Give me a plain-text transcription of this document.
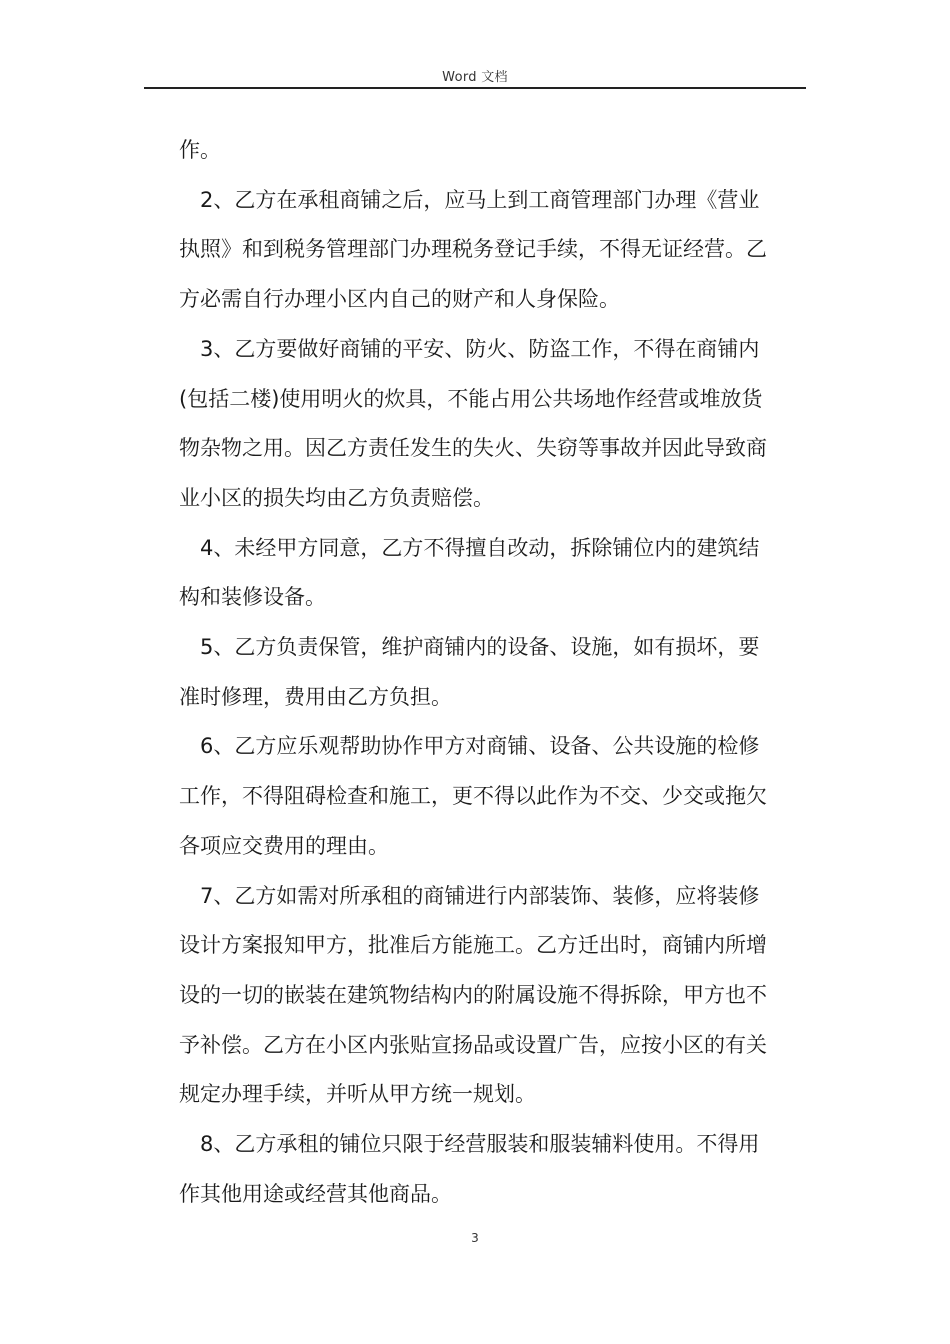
Word 文档
作。
　2、乙方在承租商铺之后，应马上到工商管理部门办理《营业
执照》和到税务管理部门办理税务登记手续，不得无证经营。乙
方必需自行办理小区内自己的财产和人身保险。
　3、乙方要做好商铺的平安、防火、防盗工作，不得在商铺内
(包括二楼)使用明火的炊具，不能占用公共场地作经营或堆放货
物杂物之用。因乙方责任发生的失火、失窃等事故并因此导致商
业小区的损失均由乙方负责赔偿。
　4、未经甲方同意，乙方不得擅自改动，拆除铺位内的建筑结
构和装修设备。
　5、乙方负责保管，维护商铺内的设备、设施，如有损坏，要
准时修理，费用由乙方负担。
　6、乙方应乐观帮助协作甲方对商铺、设备、公共设施的检修
工作，不得阻碍检查和施工，更不得以此作为不交、少交或拖欠
各项应交费用的理由。
　7、乙方如需对所承租的商铺进行内部装饰、装修，应将装修
设计方案报知甲方，批准后方能施工。乙方迁出时，商铺内所增
设的一切的嵌装在建筑物结构内的附属设施不得拆除，甲方也不
予补偿。乙方在小区内张贴宣扬品或设置广告，应按小区的有关
规定办理手续，并听从甲方统一规划。
　8、乙方承租的铺位只限于经营服装和服装辅料使用。不得用
作其他用途或经营其他商品。
3
